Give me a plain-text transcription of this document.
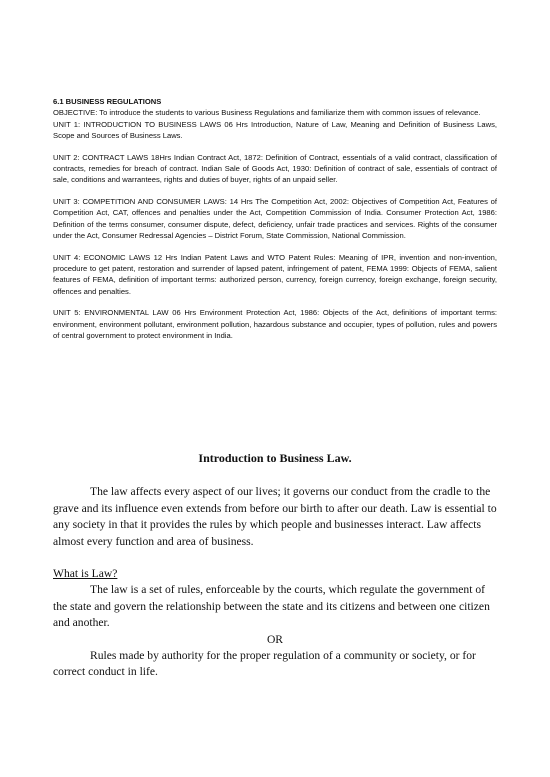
6.1 BUSINESS REGULATIONS

OBJECTIVE: To introduce the students to various Business Regulations and familiarize them with common issues of relevance.

UNIT 1: INTRODUCTION TO BUSINESS LAWS 06 Hrs Introduction, Nature of Law, Meaning and Definition of Business Laws, Scope and Sources of Business Laws.

UNIT 2: CONTRACT LAWS 18Hrs Indian Contract Act, 1872: Definition of Contract, essentials of a valid contract, classification of contracts, remedies for breach of contract. Indian Sale of Goods Act, 1930: Definition of contract of sale, essentials of contract of sale, conditions and warrantees, rights and duties of buyer, rights of an unpaid seller.

UNIT 3: COMPETITION AND CONSUMER LAWS: 14 Hrs The Competition Act, 2002: Objectives of Competition Act, Features of Competition Act, CAT, offences and penalties under the Act, Competition Commission of India. Consumer Protection Act, 1986: Definition of the terms consumer, consumer dispute, defect, deficiency, unfair trade practices and services. Rights of the consumer under the Act, Consumer Redressal Agencies – District Forum, State Commission, National Commission.

UNIT 4: ECONOMIC LAWS 12 Hrs Indian Patent Laws and WTO Patent Rules: Meaning of IPR, invention and non-invention, procedure to get patent, restoration and surrender of lapsed patent, infringement of patent, FEMA 1999: Objects of FEMA, salient features of FEMA, definition of important terms: authorized person, currency, foreign currency, foreign exchange, foreign security, offences and penalties.

UNIT 5: ENVIRONMENTAL LAW 06 Hrs Environment Protection Act, 1986: Objects of the Act, definitions of important terms: environment, environment pollutant, environment pollution, hazardous substance and occupier, types of pollution, rules and powers of central government to protect environment in India.

Introduction to Business Law.

The law affects every aspect of our lives; it governs our conduct from the cradle to the grave and its influence even extends from before our birth to after our death. Law is essential to any society in that it provides the rules by which people and businesses interact. Law affects almost every function and area of business.

What is Law?

The law is a set of rules, enforceable by the courts, which regulate the government of the state and govern the relationship between the state and its citizens and between one citizen and another.

OR

Rules made by authority for the proper regulation of a community or society, or for correct conduct in life.
